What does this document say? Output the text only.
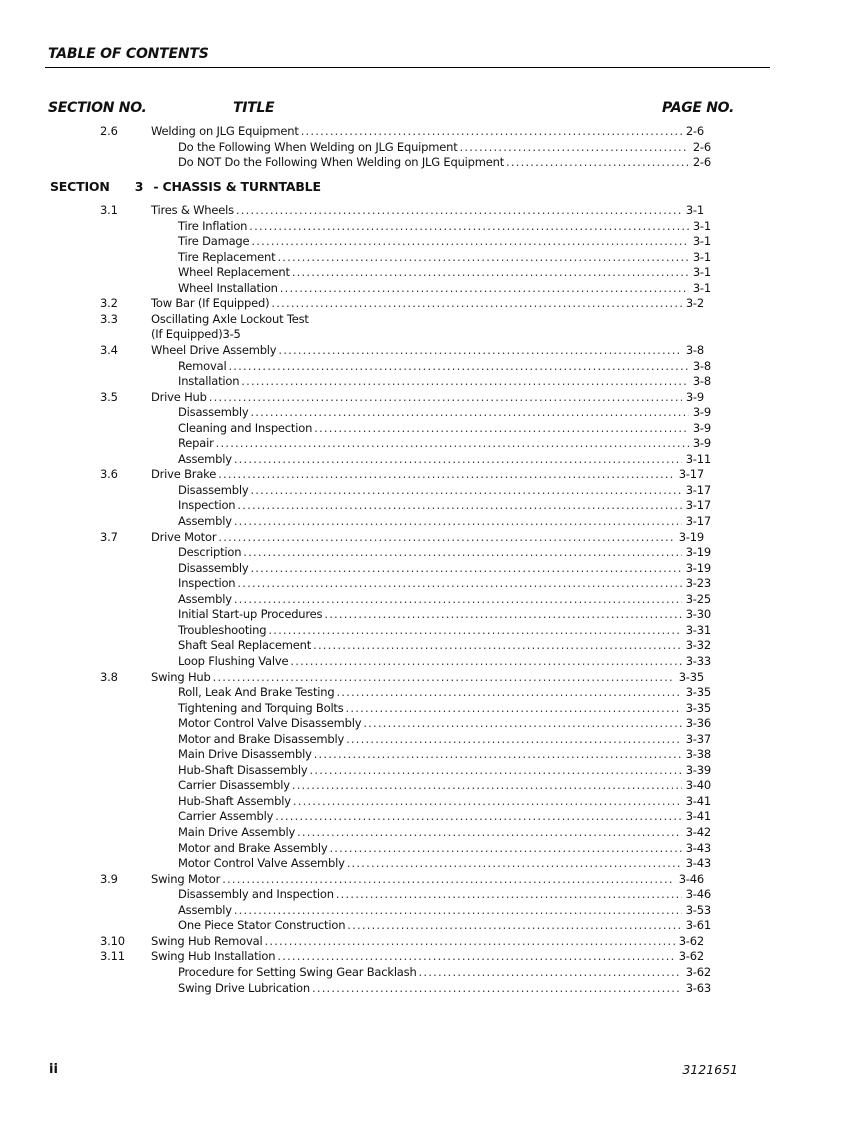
TABLE OF CONTENTS
SECTION NO.	TITLE	PAGE NO.
SECTION 3 - CHASSIS & TURNTABLE
2.6	Welding on JLG Equipment .....	2-6
Do the Following When Welding on JLG Equipment .....	2-6
Do NOT Do the Following When Welding on JLG Equipment .....	2-6
3.1	Tires & Wheels .....	3-1
Tire Inflation .....	3-1
Tire Damage .....	3-1
Tire Replacement .....	3-1
Wheel Replacement .....	3-1
Wheel Installation .....	3-1
3.2	Tow Bar (If Equipped) .....	3-2
3.3	Oscillating Axle Lockout Test
(If Equipped)3-5
3.4	Wheel Drive Assembly .....	3-8
Removal .....	3-8
Installation .....	3-8
3.5	Drive Hub .....	3-9
Disassembly .....	3-9
Cleaning and Inspection .....	3-9
Repair .....	3-9
Assembly .....	3-11
3.6	Drive Brake .....	3-17
Disassembly .....	3-17
Inspection .....	3-17
Assembly .....	3-17
3.7	Drive Motor .....	3-19
Description .....	3-19
Disassembly .....	3-19
Inspection .....	3-23
Assembly .....	3-25
Initial Start-up Procedures .....	3-30
Troubleshooting .....	3-31
Shaft Seal Replacement .....	3-32
Loop Flushing Valve .....	3-33
3.8	Swing Hub .....	3-35
Roll, Leak And Brake Testing .....	3-35
Tightening and Torquing Bolts .....	3-35
Motor Control Valve Disassembly .....	3-36
Motor and Brake Disassembly .....	3-37
Main Drive Disassembly .....	3-38
Hub-Shaft Disassembly .....	3-39
Carrier Disassembly .....	3-40
Hub-Shaft Assembly .....	3-41
Carrier Assembly .....	3-41
Main Drive Assembly .....	3-42
Motor and Brake Assembly .....	3-43
Motor Control Valve Assembly .....	3-43
3.9	Swing Motor .....	3-46
Disassembly and Inspection .....	3-46
Assembly .....	3-53
One Piece Stator Construction .....	3-61
3.10 Swing Hub Removal .....	3-62
3.11 Swing Hub Installation .....	3-62
Procedure for Setting Swing Gear Backlash .....	3-62
Swing Drive Lubrication .....	3-63
ii	3121651
